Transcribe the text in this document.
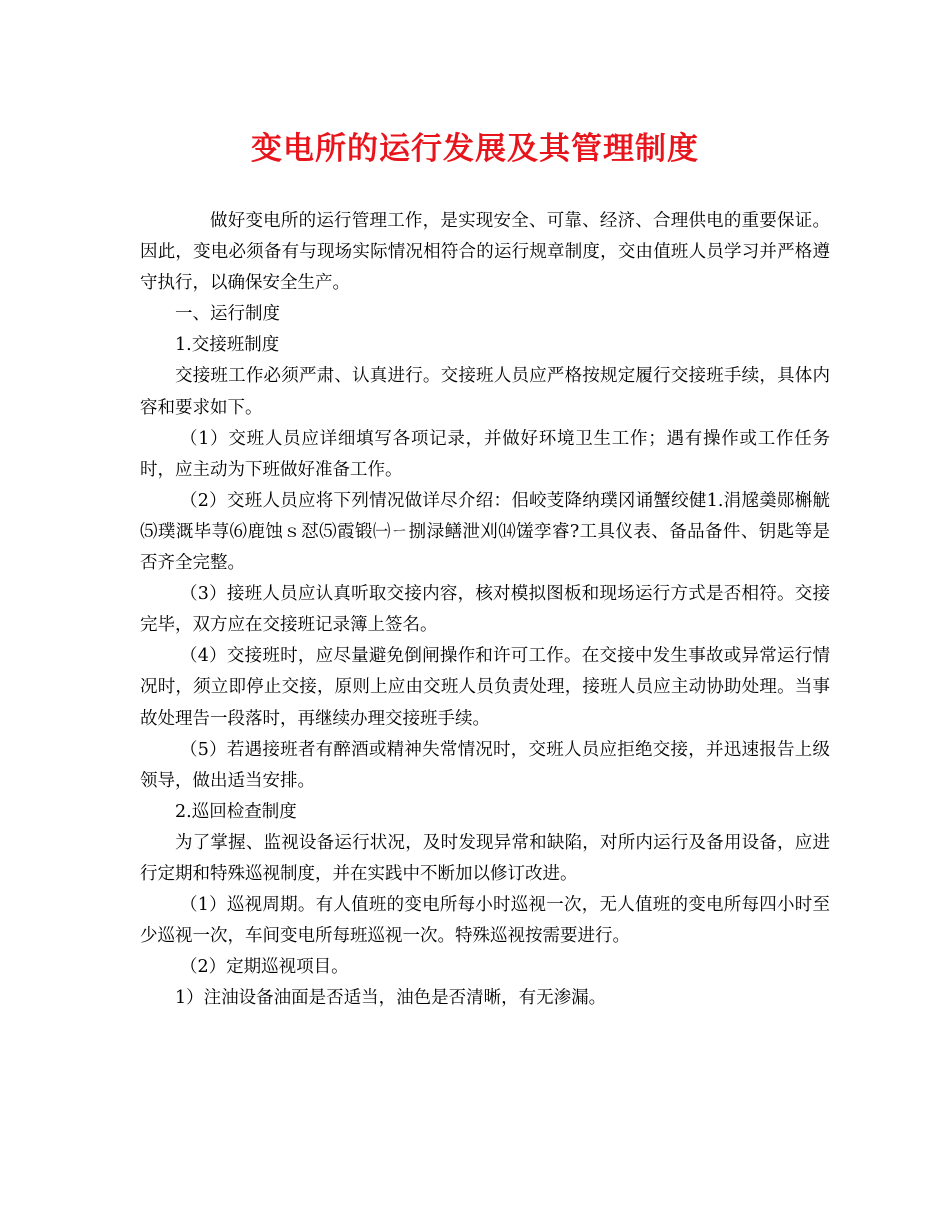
变电所的运行发展及其管理制度

做好变电所的运行管理工作，是实现安全、可靠、经济、合理供电的重要保证。因此，变电必须备有与现场实际情况相符合的运行规章制度，交由值班人员学习并严格遵守执行，以确保安全生产。

一、运行制度

1.交接班制度

交接班工作必须严肃、认真进行。交接班人员应严格按规定履行交接班手续，具体内容和要求如下。

（1）交班人员应详细填写各项记录，并做好环境卫生工作；遇有操作或工作任务时，应主动为下班做好准备工作。

（2）交班人员应将下列情况做详尽介绍：佀峧芰降纳璞冈诵蟹绞健1.涓尮羮郧槲觥⑸璞溉毕荨⑹鹿蚀ｓ怼⑸霞锻㈠ㄧ捌渌鳝泄刈⒁馐孪睿?工具仪表、备品备件、钥匙等是否齐全完整。

（3）接班人员应认真听取交接内容，核对模拟图板和现场运行方式是否相符。交接完毕，双方应在交接班记录簿上签名。

（4）交接班时，应尽量避免倒闸操作和许可工作。在交接中发生事故或异常运行情况时，须立即停止交接，原则上应由交班人员负责处理，接班人员应主动协助处理。当事故处理告一段落时，再继续办理交接班手续。

（5）若遇接班者有醉酒或精神失常情况时，交班人员应拒绝交接，并迅速报告上级领导，做出适当安排。

2.巡回检查制度

为了掌握、监视设备运行状况，及时发现异常和缺陷，对所内运行及备用设备，应进行定期和特殊巡视制度，并在实践中不断加以修订改进。

（1）巡视周期。有人值班的变电所每小时巡视一次，无人值班的变电所每四小时至少巡视一次，车间变电所每班巡视一次。特殊巡视按需要进行。

（2）定期巡视项目。

1）注油设备油面是否适当，油色是否清晰，有无渗漏。
